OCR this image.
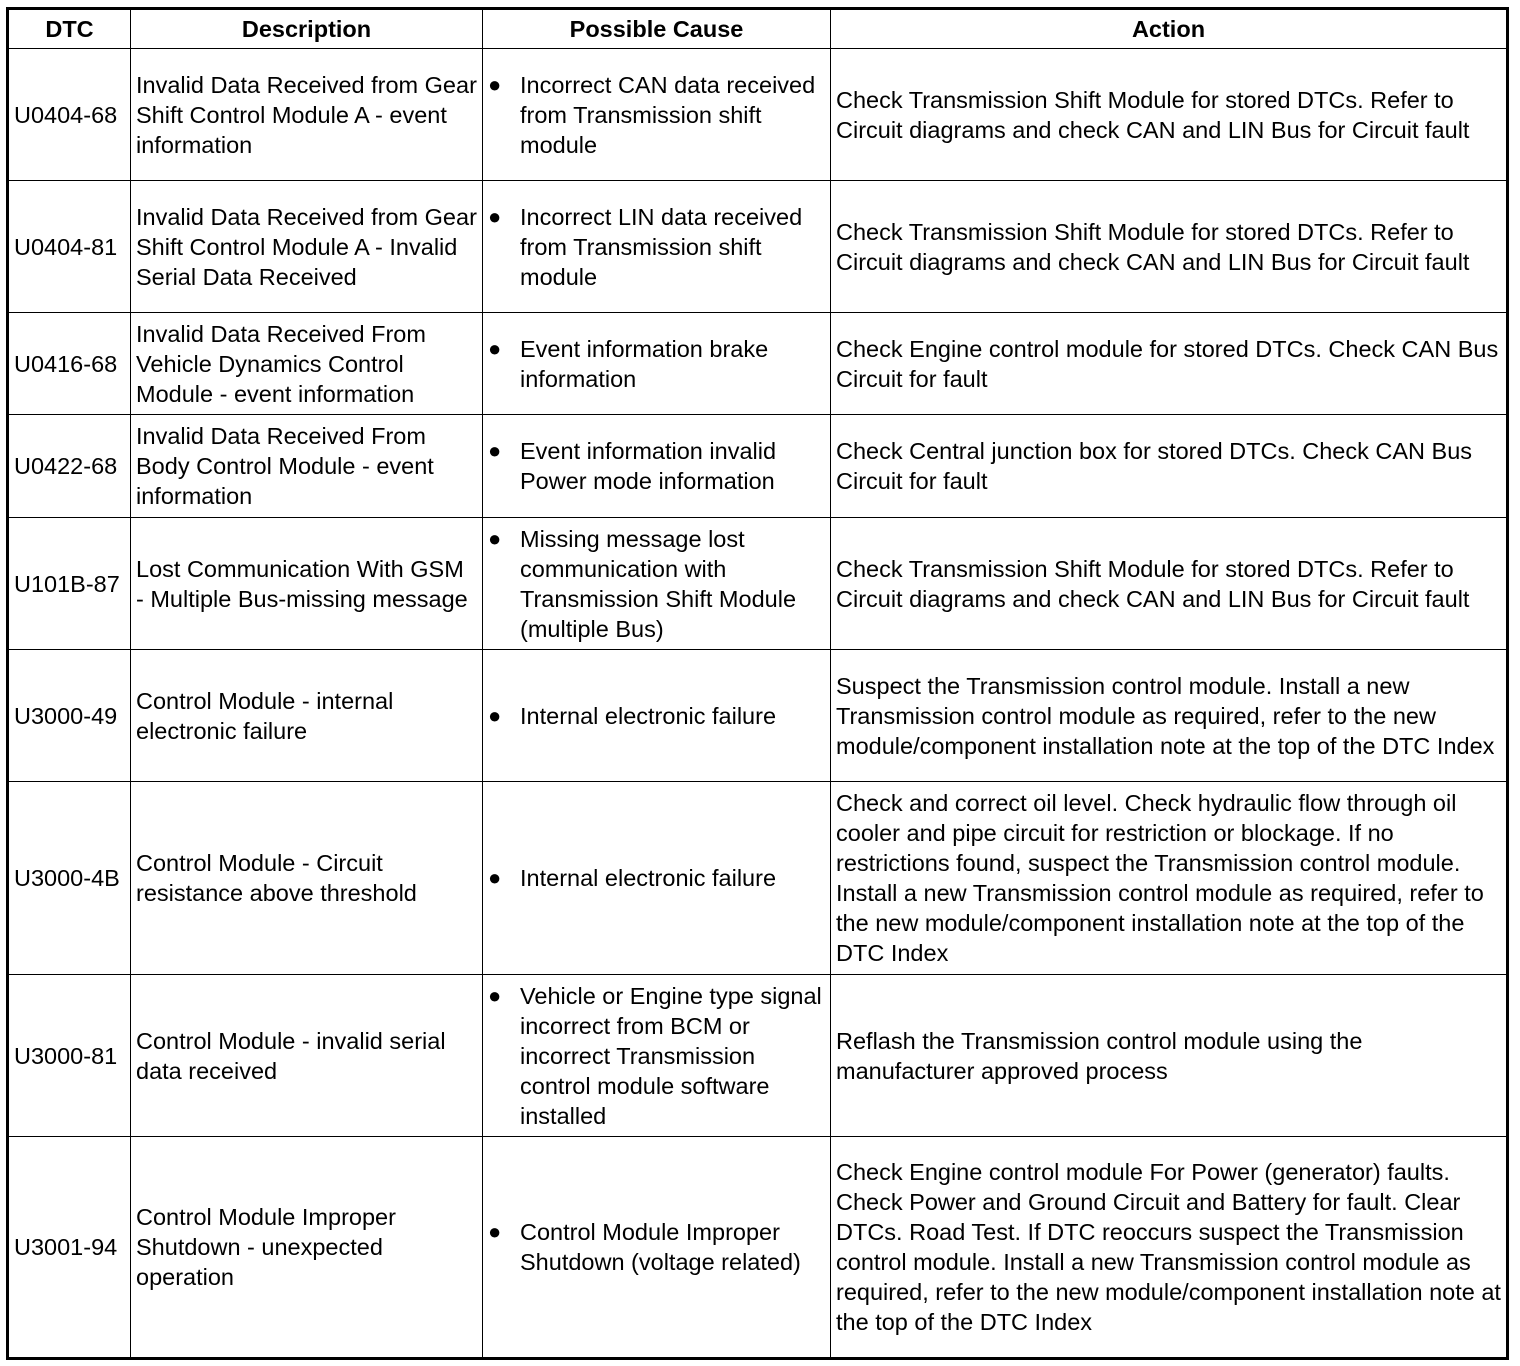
DTC	Description	Possible Cause	Action
U0404-68	Invalid Data Received from Gear Shift Control Module A - event information	● Incorrect CAN data received from Transmission shift module	Check Transmission Shift Module for stored DTCs. Refer to Circuit diagrams and check CAN and LIN Bus for Circuit fault
U0404-81	Invalid Data Received from Gear Shift Control Module A - Invalid Serial Data Received	● Incorrect LIN data received from Transmission shift module	Check Transmission Shift Module for stored DTCs. Refer to Circuit diagrams and check CAN and LIN Bus for Circuit fault
U0416-68	Invalid Data Received From Vehicle Dynamics Control Module - event information	● Event information brake information	Check Engine control module for stored DTCs. Check CAN Bus Circuit for fault
U0422-68	Invalid Data Received From Body Control Module - event information	● Event information invalid Power mode information	Check Central junction box for stored DTCs. Check CAN Bus Circuit for fault
U101B-87	Lost Communication With GSM - Multiple Bus-missing message	● Missing message lost communication with Transmission Shift Module (multiple Bus)	Check Transmission Shift Module for stored DTCs. Refer to Circuit diagrams and check CAN and LIN Bus for Circuit fault
U3000-49	Control Module - internal electronic failure	● Internal electronic failure	Suspect the Transmission control module. Install a new Transmission control module as required, refer to the new module/component installation note at the top of the DTC Index
U3000-4B	Control Module - Circuit resistance above threshold	● Internal electronic failure	Check and correct oil level. Check hydraulic flow through oil cooler and pipe circuit for restriction or blockage. If no restrictions found, suspect the Transmission control module. Install a new Transmission control module as required, refer to the new module/component installation note at the top of the DTC Index
U3000-81	Control Module - invalid serial data received	● Vehicle or Engine type signal incorrect from BCM or incorrect Transmission control module software installed	Reflash the Transmission control module using the manufacturer approved process
U3001-94	Control Module Improper Shutdown - unexpected operation	● Control Module Improper Shutdown (voltage related)	Check Engine control module For Power (generator) faults. Check Power and Ground Circuit and Battery for fault. Clear DTCs. Road Test. If DTC reoccurs suspect the Transmission control module. Install a new Transmission control module as required, refer to the new module/component installation note at the top of the DTC Index
